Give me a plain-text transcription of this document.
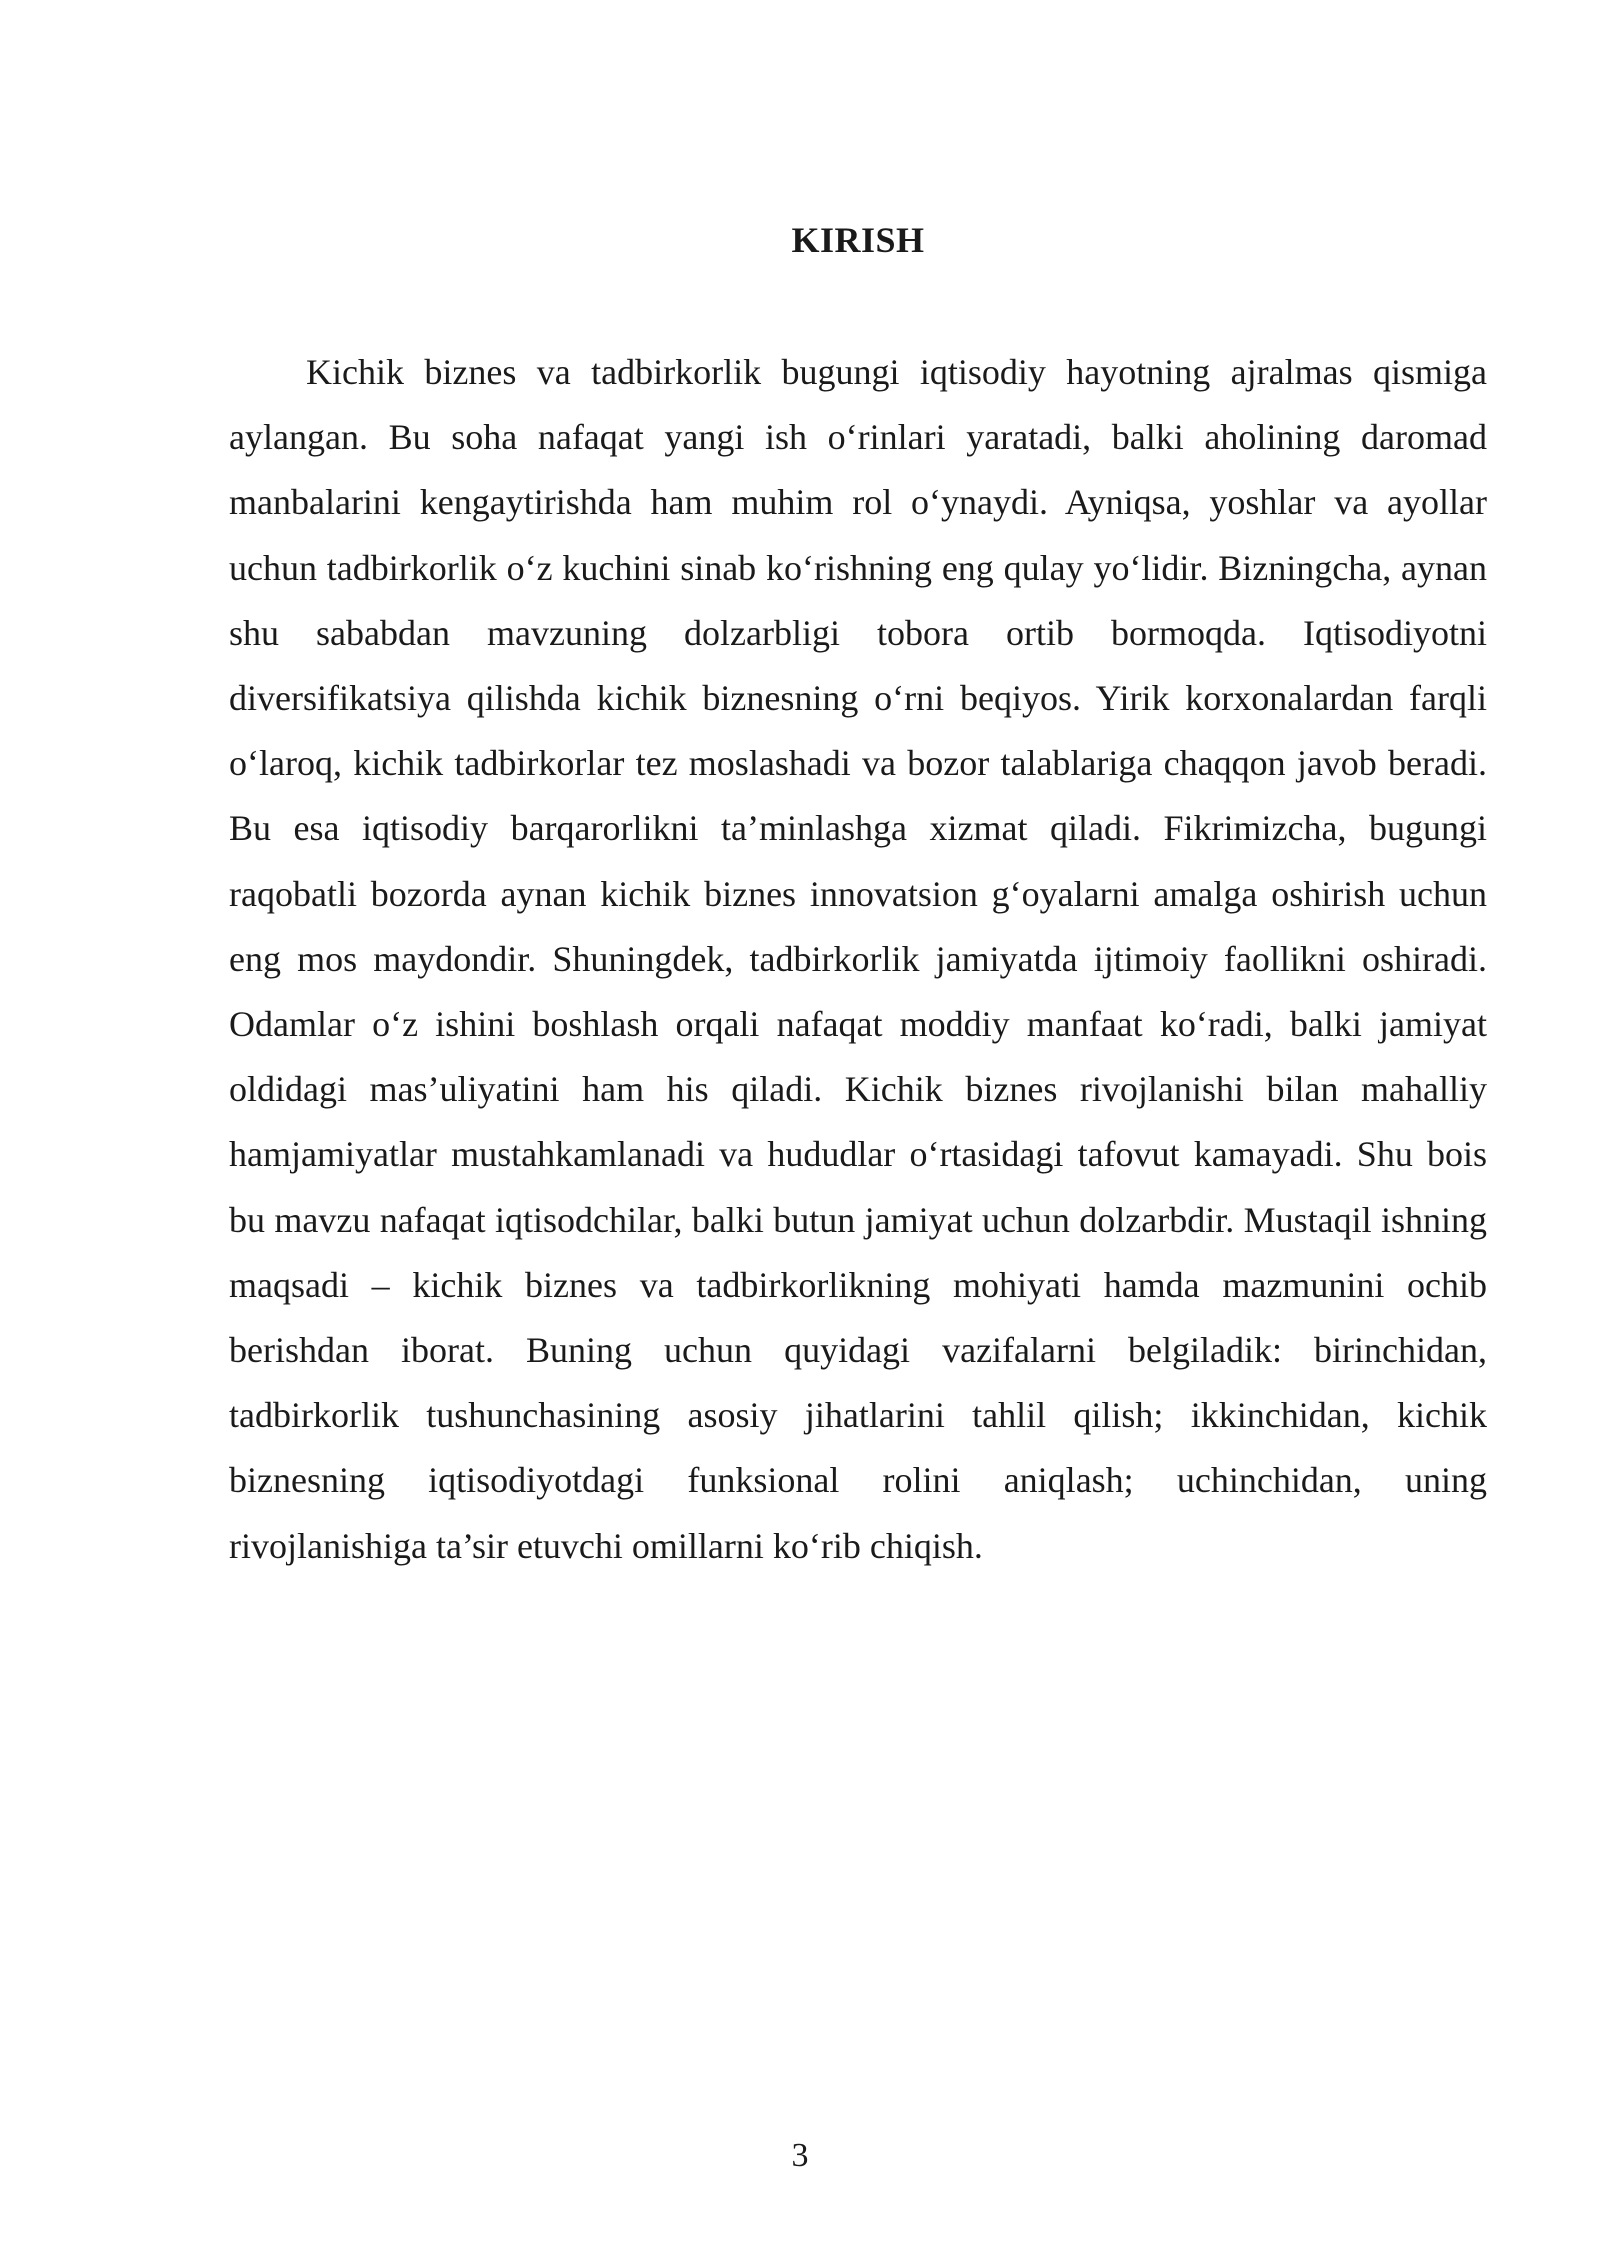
KIRISH

Kichik biznes va tadbirkorlik bugungi iqtisodiy hayotning ajralmas qismiga aylangan. Bu soha nafaqat yangi ish o‘rinlari yaratadi, balki aholining daromad manbalarini kengaytirishda ham muhim rol o‘ynaydi. Ayniqsa, yoshlar va ayollar uchun tadbirkorlik o‘z kuchini sinab ko‘rishning eng qulay yo‘lidir. Bizningcha, aynan shu sababdan mavzuning dolzarbligi tobora ortib bormoqda. Iqtisodiyotni diversifikatsiya qilishda kichik biznesning o‘rni beqiyos. Yirik korxonalardan farqli o‘laroq, kichik tadbirkorlar tez moslashadi va bozor talablariga chaqqon javob beradi. Bu esa iqtisodiy barqarorlikni ta’minlashga xizmat qiladi. Fikrimizcha, bugungi raqobatli bozorda aynan kichik biznes innovatsion g‘oyalarni amalga oshirish uchun eng mos maydondir. Shuningdek, tadbirkorlik jamiyatda ijtimoiy faollikni oshiradi. Odamlar o‘z ishini boshlash orqali nafaqat moddiy manfaat ko‘radi, balki jamiyat oldidagi mas’uliyatini ham his qiladi. Kichik biznes rivojlanishi bilan mahalliy hamjamiyatlar mustahkamlanadi va hududlar o‘rtasidagi tafovut kamayadi. Shu bois bu mavzu nafaqat iqtisodchilar, balki butun jamiyat uchun dolzarbdir. Mustaqil ishning maqsadi – kichik biznes va tadbirkorlikning mohiyati hamda mazmunini ochib berishdan iborat. Buning uchun quyidagi vazifalarni belgiladik: birinchidan, tadbirkorlik tushunchasining asosiy jihatlarini tahlil qilish; ikkinchidan, kichik biznesning iqtisodiyotdagi funksional rolini aniqlash; uchinchidan, uning rivojlanishiga ta’sir etuvchi omillarni ko‘rib chiqish.

3
